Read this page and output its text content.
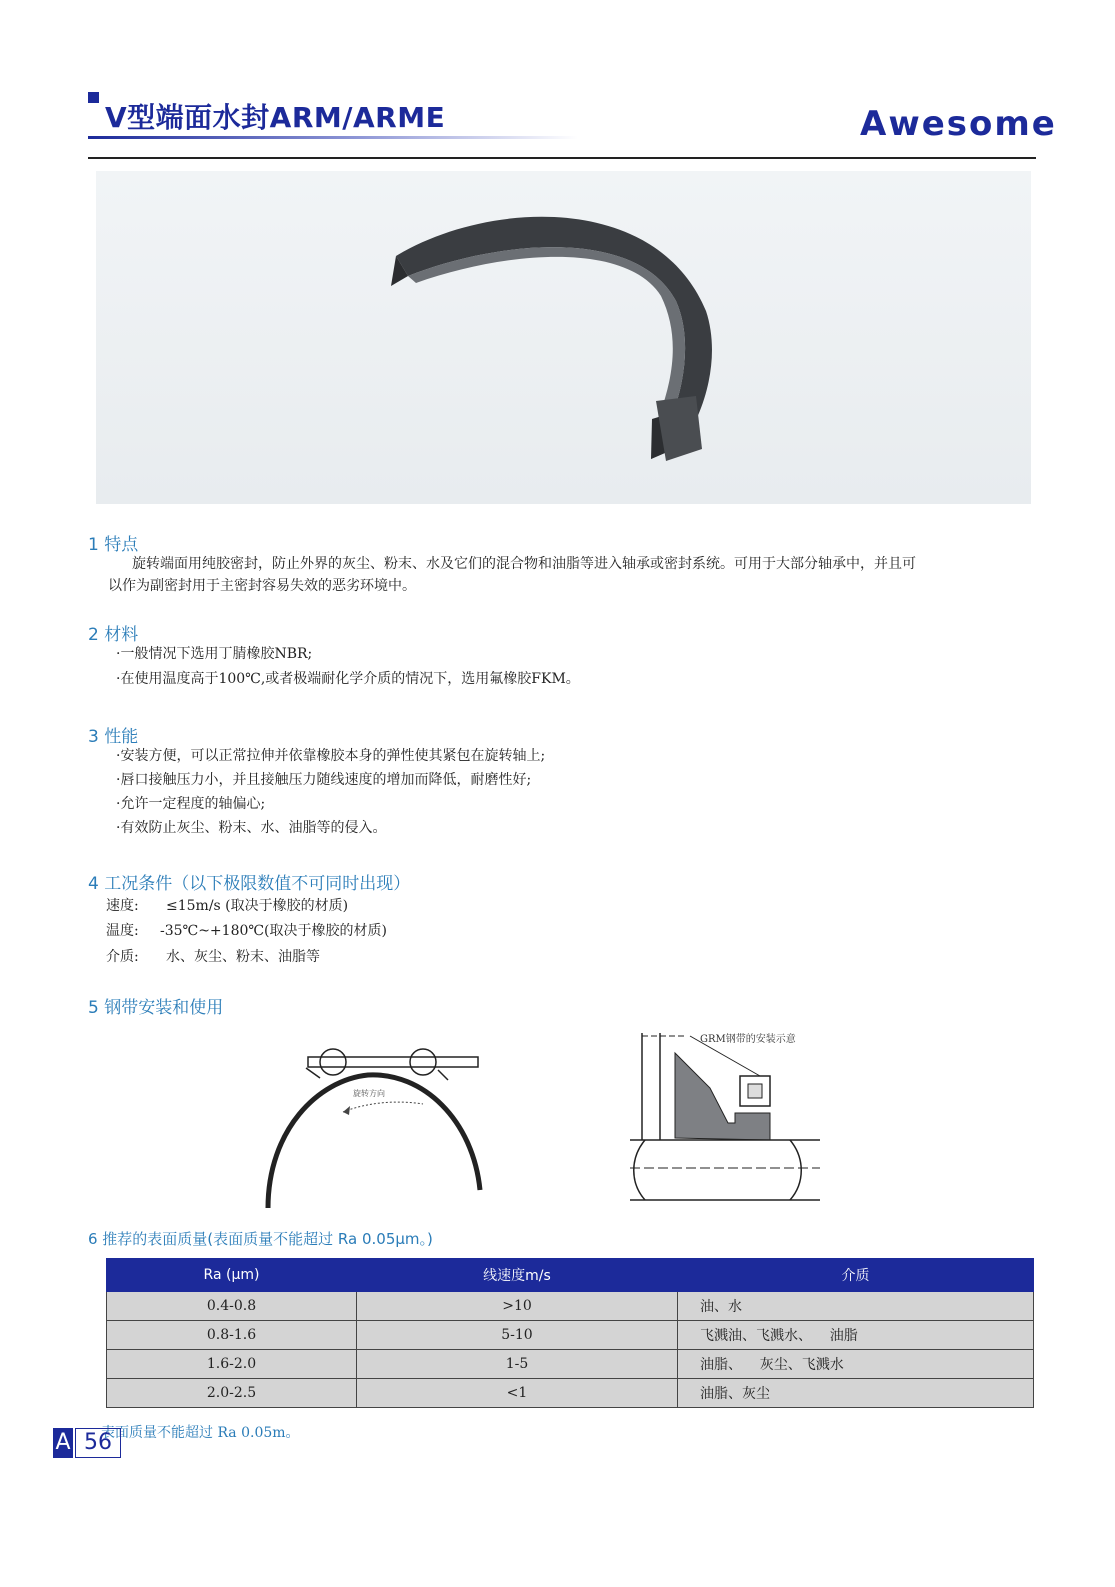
V型端面水封ARM/ARME	Awesome
1 特点
旋转端面用纯胶密封，防止外界的灰尘、粉末、水及它们的混合物和油脂等进入轴承或密封系统。可用于大部分轴承中，并且可
以作为副密封用于主密封容易失效的恶劣环境中。
2 材料
·一般情况下选用丁腈橡胶NBR;
·在使用温度高于100℃,或者极端耐化学介质的情况下，选用氟橡胶FKM。
3 性能
·安装方便，可以正常拉伸并依靠橡胶本身的弹性使其紧包在旋转轴上;
·唇口接触压力小，并且接触压力随线速度的增加而降低，耐磨性好;
·允许一定程度的轴偏心;
·有效防止灰尘、粉末、水、油脂等的侵入。
4 工况条件（以下极限数值不可同时出现）
速度: ≤15m/s (取决于橡胶的材质)
温度: -35℃~+180℃(取决于橡胶的材质)
介质: 水、灰尘、粉末、油脂等
5 钢带安装和使用
旋转方向
GRM钢带的安装示意
6 推荐的表面质量(表面质量不能超过 Ra 0.05μm。)
Ra (μm)	线速度m/s	介质
0.4-0.8	>10	油、水
0.8-1.6	5-10	飞溅油、飞溅水、    油脂
1.6-2.0	1-5	油脂、    灰尘、飞溅水
2.0-2.5	<1	油脂、灰尘
表面质量不能超过 Ra 0.05m。
A 56
